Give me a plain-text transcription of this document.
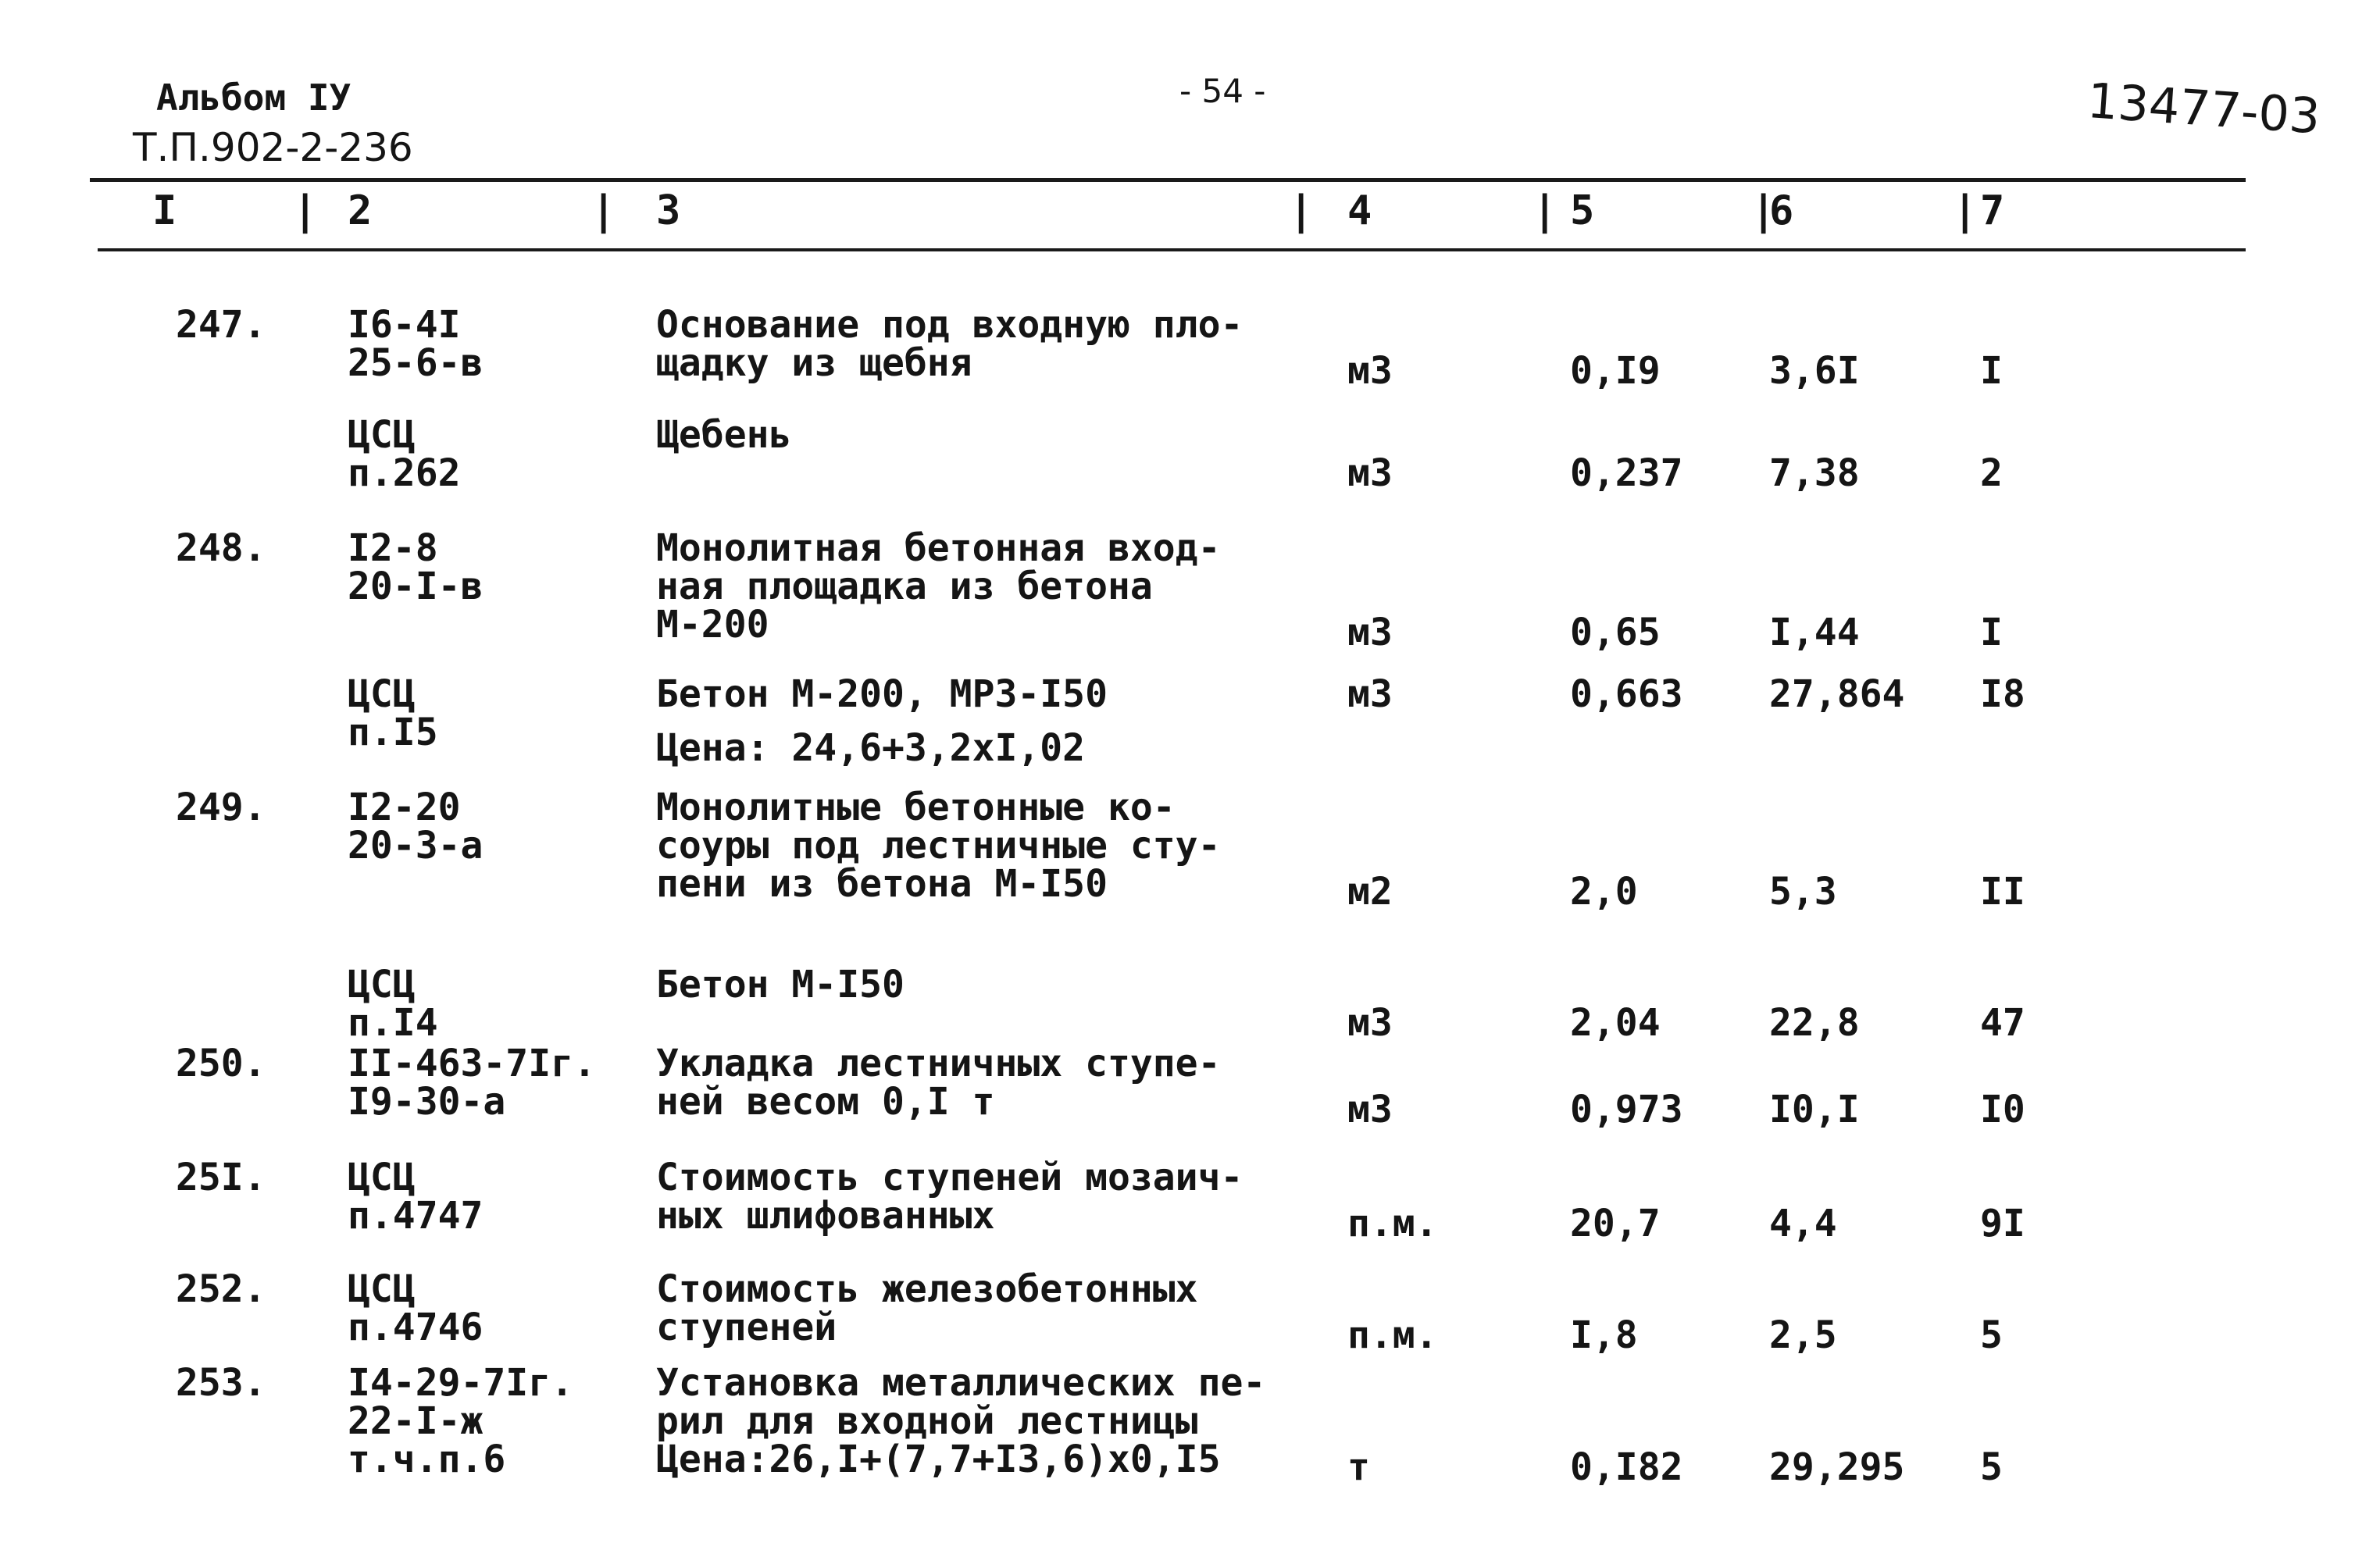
Альбом IУ
Т.П.902-2-236
- 54 -	13477-03
I	2	3	4	5	6	7
|	|	|	|	|	|
247. I6-4I
25-6-в
Основание под входную пло-
щадку из щебня	м3	0,I9	3,6I	I
ЦСЦ
п.262
Щебень
м3	0,237 7,38	2
248. I2-8
20-I-в
Монолитная бетонная вход-
ная площадка из бетона
М-200	м3	0,65	I,44	I
ЦСЦ
п.I5
Бетон М-200, МРЗ-I50
Цена: 24,6+3,2хI,02
м3	0,663 27,864 I8
249. I2-20
20-3-а
Монолитные бетонные ко-
соуры под лестничные сту-
пени из бетона М-I50	м2	2,0	5,3	II
ЦСЦ
п.I4
Бетон М-I50
м3	2,04	22,8	47
250. II-463-7Iг.
I9-30-а
Укладка лестничных ступе-
ней весом 0,I т	м3	0,973 I0,I	I0
25I. ЦСЦ
п.4747
Стоимость ступеней мозаич-
ных шлифованных	п.м.	20,7	4,4	9I
252. ЦСЦ
п.4746
Стоимость железобетонных
ступеней	п.м.	I,8	2,5	5
253. I4-29-7Iг.
22-I-ж
т.ч.п.6
Установка металлических пе-
рил для входной лестницы
Цена:26,I+(7,7+I3,6)х0,I5	т	0,I82 29,295 5
